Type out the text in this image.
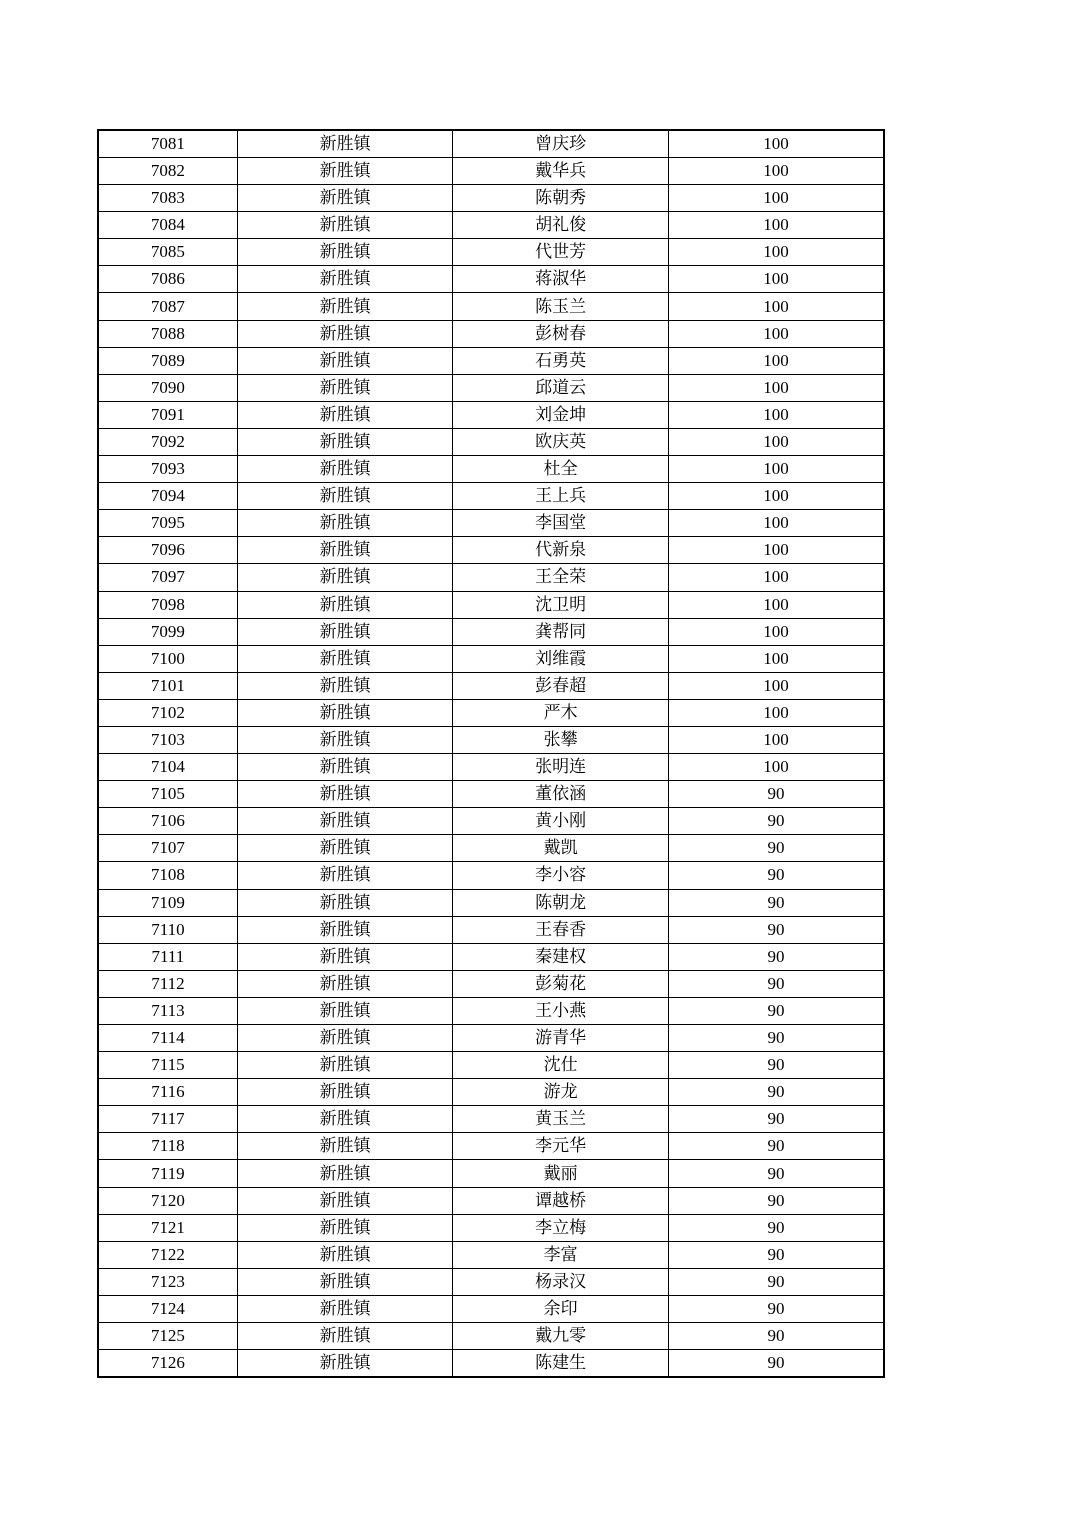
7081	新胜镇	曾庆珍	100
7082	新胜镇	戴华兵	100
7083	新胜镇	陈朝秀	100
7084	新胜镇	胡礼俊	100
7085	新胜镇	代世芳	100
7086	新胜镇	蒋淑华	100
7087	新胜镇	陈玉兰	100
7088	新胜镇	彭树春	100
7089	新胜镇	石勇英	100
7090	新胜镇	邱道云	100
7091	新胜镇	刘金坤	100
7092	新胜镇	欧庆英	100
7093	新胜镇	杜全	100
7094	新胜镇	王上兵	100
7095	新胜镇	李国堂	100
7096	新胜镇	代新泉	100
7097	新胜镇	王全荣	100
7098	新胜镇	沈卫明	100
7099	新胜镇	龚帮同	100
7100	新胜镇	刘维霞	100
7101	新胜镇	彭春超	100
7102	新胜镇	严木	100
7103	新胜镇	张攀	100
7104	新胜镇	张明连	100
7105	新胜镇	董依涵	90
7106	新胜镇	黄小刚	90
7107	新胜镇	戴凯	90
7108	新胜镇	李小容	90
7109	新胜镇	陈朝龙	90
7110	新胜镇	王春香	90
7111	新胜镇	秦建权	90
7112	新胜镇	彭菊花	90
7113	新胜镇	王小燕	90
7114	新胜镇	游青华	90
7115	新胜镇	沈仕	90
7116	新胜镇	游龙	90
7117	新胜镇	黄玉兰	90
7118	新胜镇	李元华	90
7119	新胜镇	戴丽	90
7120	新胜镇	谭越桥	90
7121	新胜镇	李立梅	90
7122	新胜镇	李富	90
7123	新胜镇	杨录汉	90
7124	新胜镇	余印	90
7125	新胜镇	戴九零	90
7126	新胜镇	陈建生	90
